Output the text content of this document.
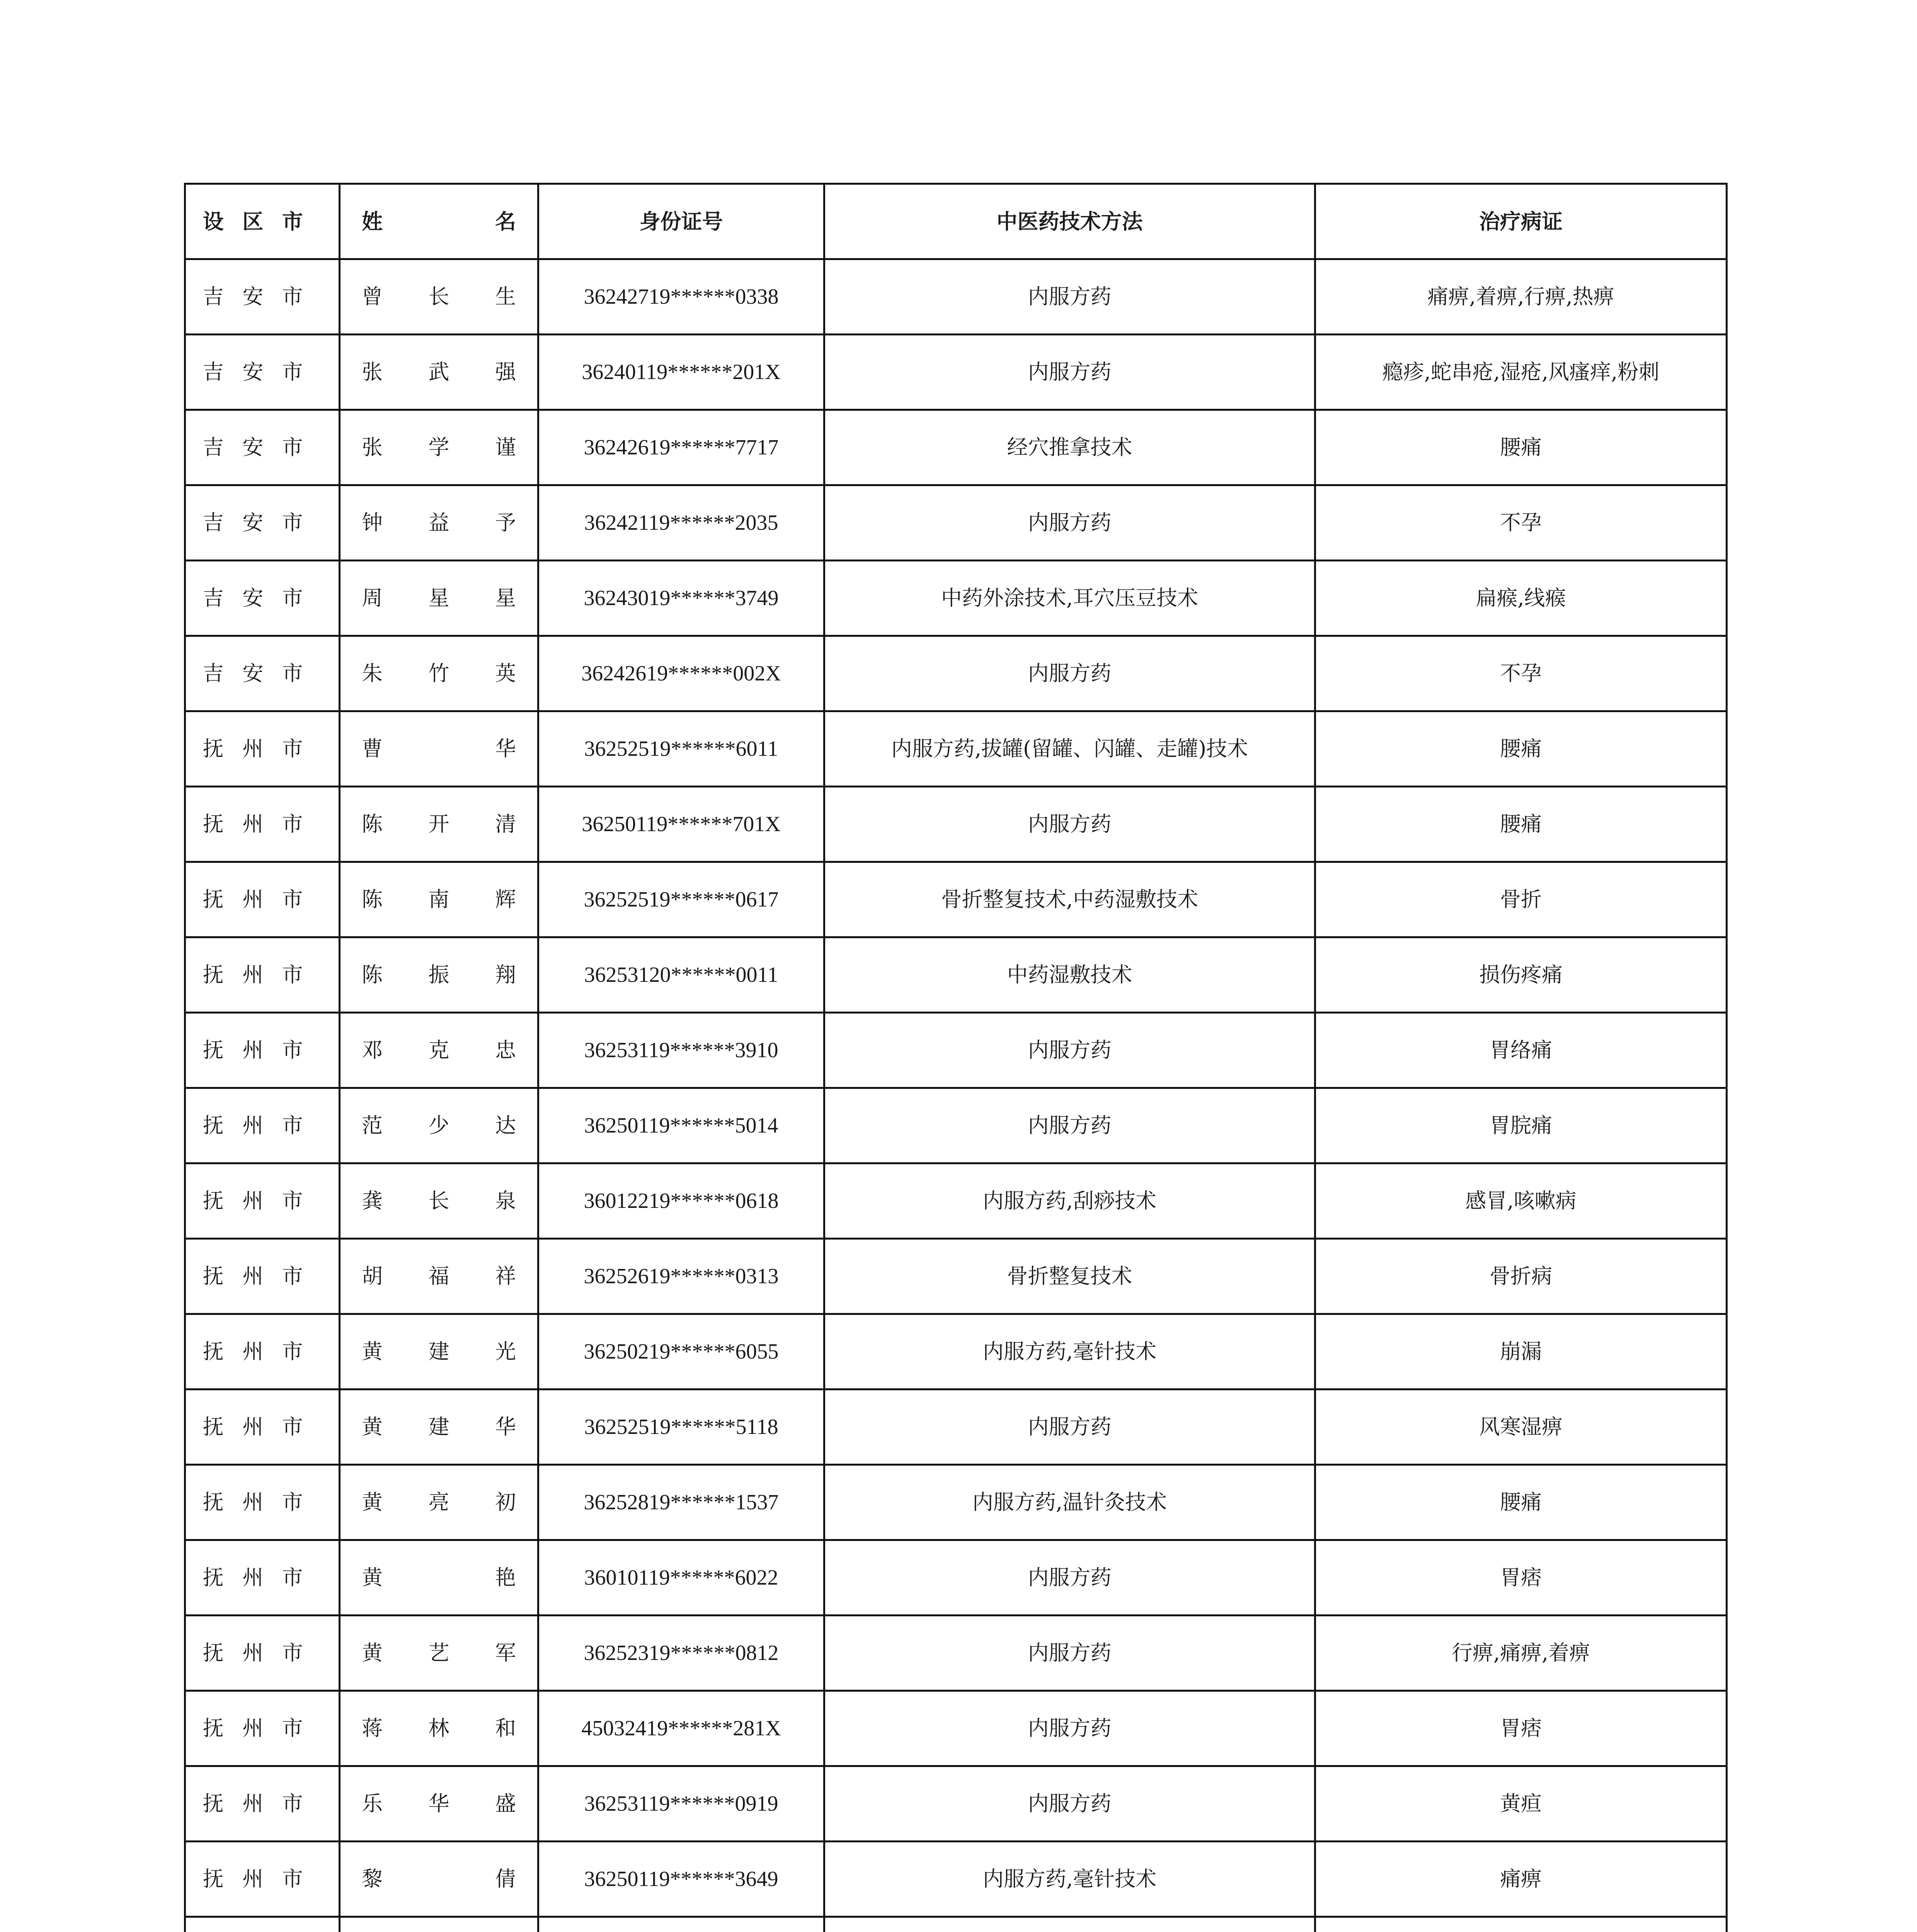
设区市	姓 名	身份证号	中医药技术方法	治疗病证
吉安市	曾 长 生	36242719******0338	内服方药	痛痹,着痹,行痹,热痹
吉安市	张 武 强	36240119******201X	内服方药	瘾疹,蛇串疮,湿疮,风瘙痒,粉刺
吉安市	张 学 谨	36242619******7717	经穴推拿技术	腰痛
吉安市	钟 益 予	36242119******2035	内服方药	不孕
吉安市	周 星 星	36243019******3749	中药外涂技术,耳穴压豆技术	扁瘊,线瘊
吉安市	朱 竹 英	36242619******002X	内服方药	不孕
抚州市	曹 华	36252519******6011	内服方药,拔罐(留罐、闪罐、走罐)技术	腰痛
抚州市	陈 开 清	36250119******701X	内服方药	腰痛
抚州市	陈 南 辉	36252519******0617	骨折整复技术,中药湿敷技术	骨折
抚州市	陈 振 翔	36253120******0011	中药湿敷技术	损伤疼痛
抚州市	邓 克 忠	36253119******3910	内服方药	胃络痛
抚州市	范 少 达	36250119******5014	内服方药	胃脘痛
抚州市	龚 长 泉	36012219******0618	内服方药,刮痧技术	感冒,咳嗽病
抚州市	胡 福 祥	36252619******0313	骨折整复技术	骨折病
抚州市	黄 建 光	36250219******6055	内服方药,毫针技术	崩漏
抚州市	黄 建 华	36252519******5118	内服方药	风寒湿痹
抚州市	黄 亮 初	36252819******1537	内服方药,温针灸技术	腰痛
抚州市	黄 艳	36010119******6022	内服方药	胃痞
抚州市	黄 艺 军	36252319******0812	内服方药	行痹,痛痹,着痹
抚州市	蒋 林 和	45032419******281X	内服方药	胃痞
抚州市	乐 华 盛	36253119******0919	内服方药	黄疸
抚州市	黎 倩	36250119******3649	内服方药,毫针技术	痛痹
